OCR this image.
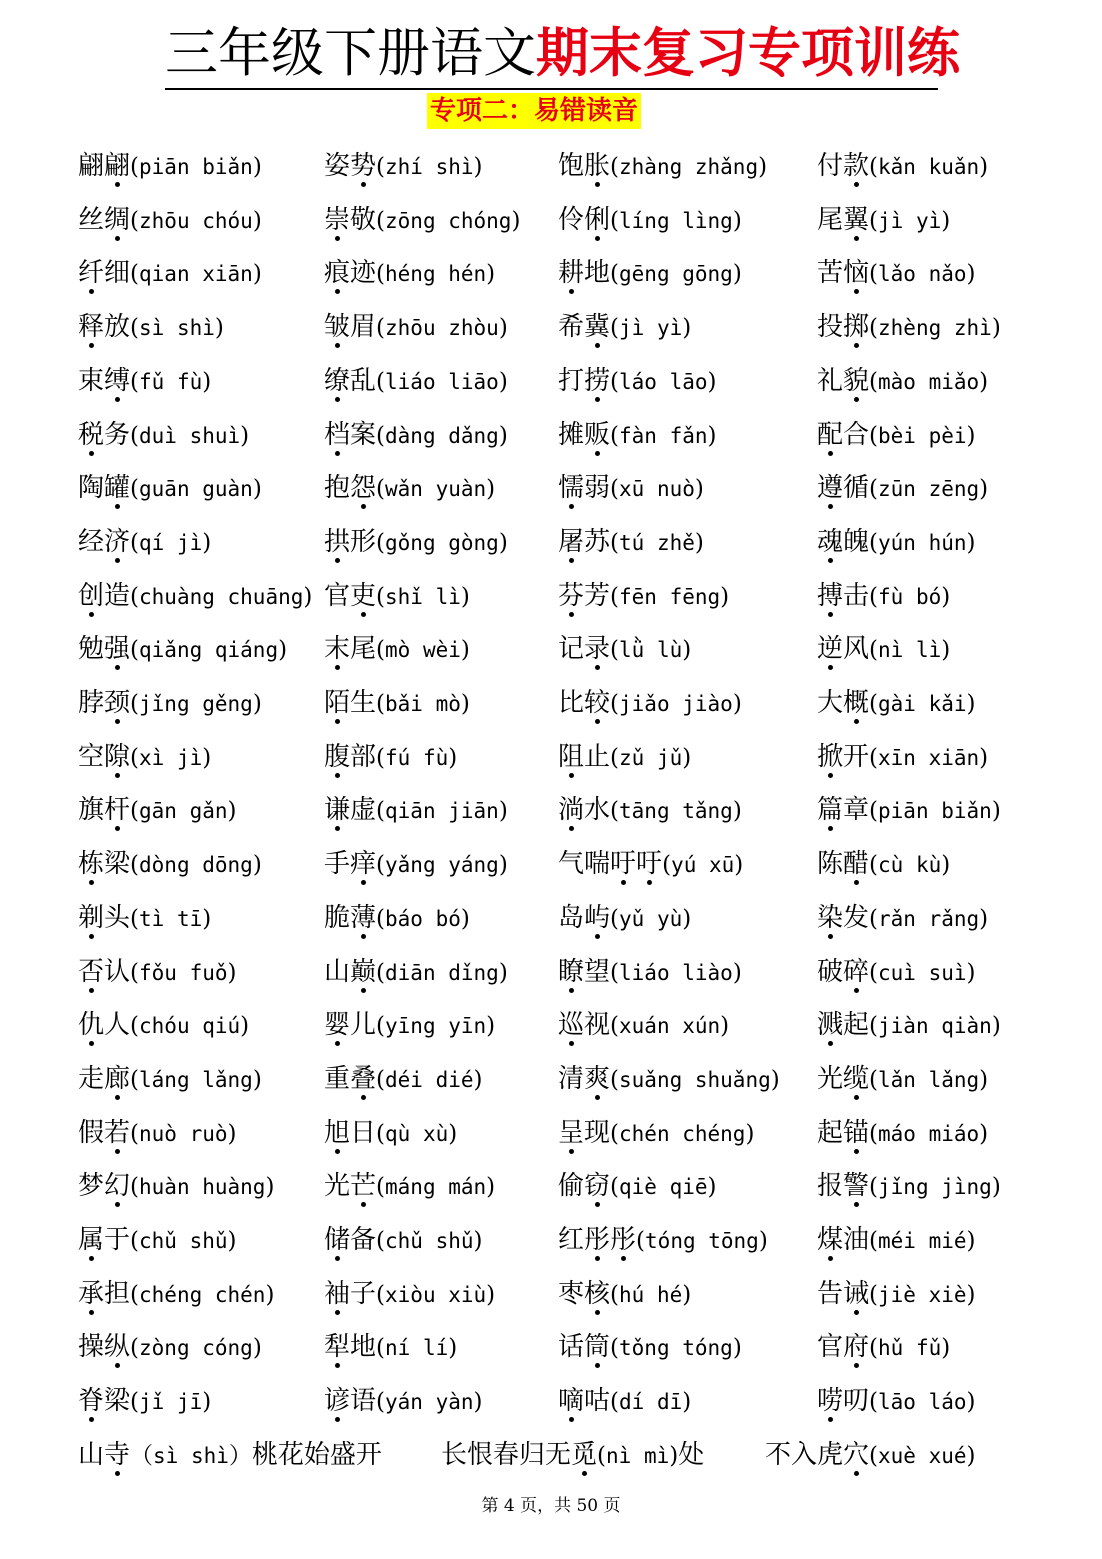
三年级下册语文期末复习专项训练
专项二：易错读音
翩翩(piān biǎn) 姿势(zhí shì)	饱胀(zhàng zhǎng) 付款(kǎn kuǎn)
丝绸(zhōu chóu) 崇敬(zōng chóng) 伶俐(líng lìng)	尾翼(jì yì)
纤细(qian xiān) 痕迹(héng hén) 耕地(gēng gōng)	苦恼(lǎo nǎo)
释放(sì shì)	皱眉(zhōu zhòu) 希冀(jì yì)	投掷(zhèng zhì)
束缚(fǔ fù)	缭乱(liáo liāo) 打捞(láo lāo)	礼貌(mào miǎo)
税务(duì shuì)	档案(dàng dǎng) 摊贩(fàn fǎn)	配合(bèi pèi)
陶罐(guān guàn) 抱怨(wǎn yuàn) 懦弱(xū nuò)	遵循(zūn zēng)
经济(qí jì)	拱形(gǒng gòng) 屠苏(tú zhě)	魂魄(yún hún)
创造(chuàng chuāng) 官吏(shǐ lì)	芬芳(fēn fēng)	搏击(fù bó)
勉强(qiǎng qiáng) 末尾(mò wèi)	记录(lǜ lù)	逆风(nì lì)
脖颈(jǐng gěng) 陌生(bǎi mò)	比较(jiǎo jiào)	大概(gài kǎi)
空隙(xì jì)	腹部(fú fù)	阻止(zǔ jǔ)	掀开(xīn xiān)
旗杆(gān gǎn)	谦虚(qiān jiān) 淌水(tāng tǎng)	篇章(piān biǎn)
栋梁(dòng dōng) 手痒(yǎng yáng) 气喘吁吁(yú xū)	陈醋(cù kù)
剃头(tì tī)	脆薄(báo bó)	岛屿(yǔ yù)	染发(rǎn rǎng)
否认(fǒu fuǒ)	山巅(diān dǐng) 瞭望(liáo liào)	破碎(cuì suì)
仇人(chóu qiú)	婴儿(yīng yīn) 巡视(xuán xún)	溅起(jiàn qiàn)
走廊(láng lǎng) 重叠(déi dié)	清爽(suǎng shuǎng) 光缆(lǎn lǎng)
假若(nuò ruò)	旭日(qù xù)	呈现(chén chéng) 起锚(máo miáo)
梦幻(huàn huàng) 光芒(máng mán) 偷窃(qiè qiē)	报警(jǐng jìng)
属于(chǔ shǔ)	储备(chǔ shǔ)	红彤彤(tóng tōng) 煤油(méi mié)
承担(chéng chén) 袖子(xiòu xiù) 枣核(hú hé)	告诫(jiè xiè)
操纵(zòng cóng) 犁地(ní lí)	话筒(tǒng tóng)	官府(hǔ fǔ)
脊梁(jǐ jī)	谚语(yán yàn)	嘀咕(dí dī)	唠叨(lāo láo)
山寺（sì shì）桃花始盛开 长恨春归无觅(nì mì)处 不入虎穴(xuè xué)
第 4 页，共 50 页
